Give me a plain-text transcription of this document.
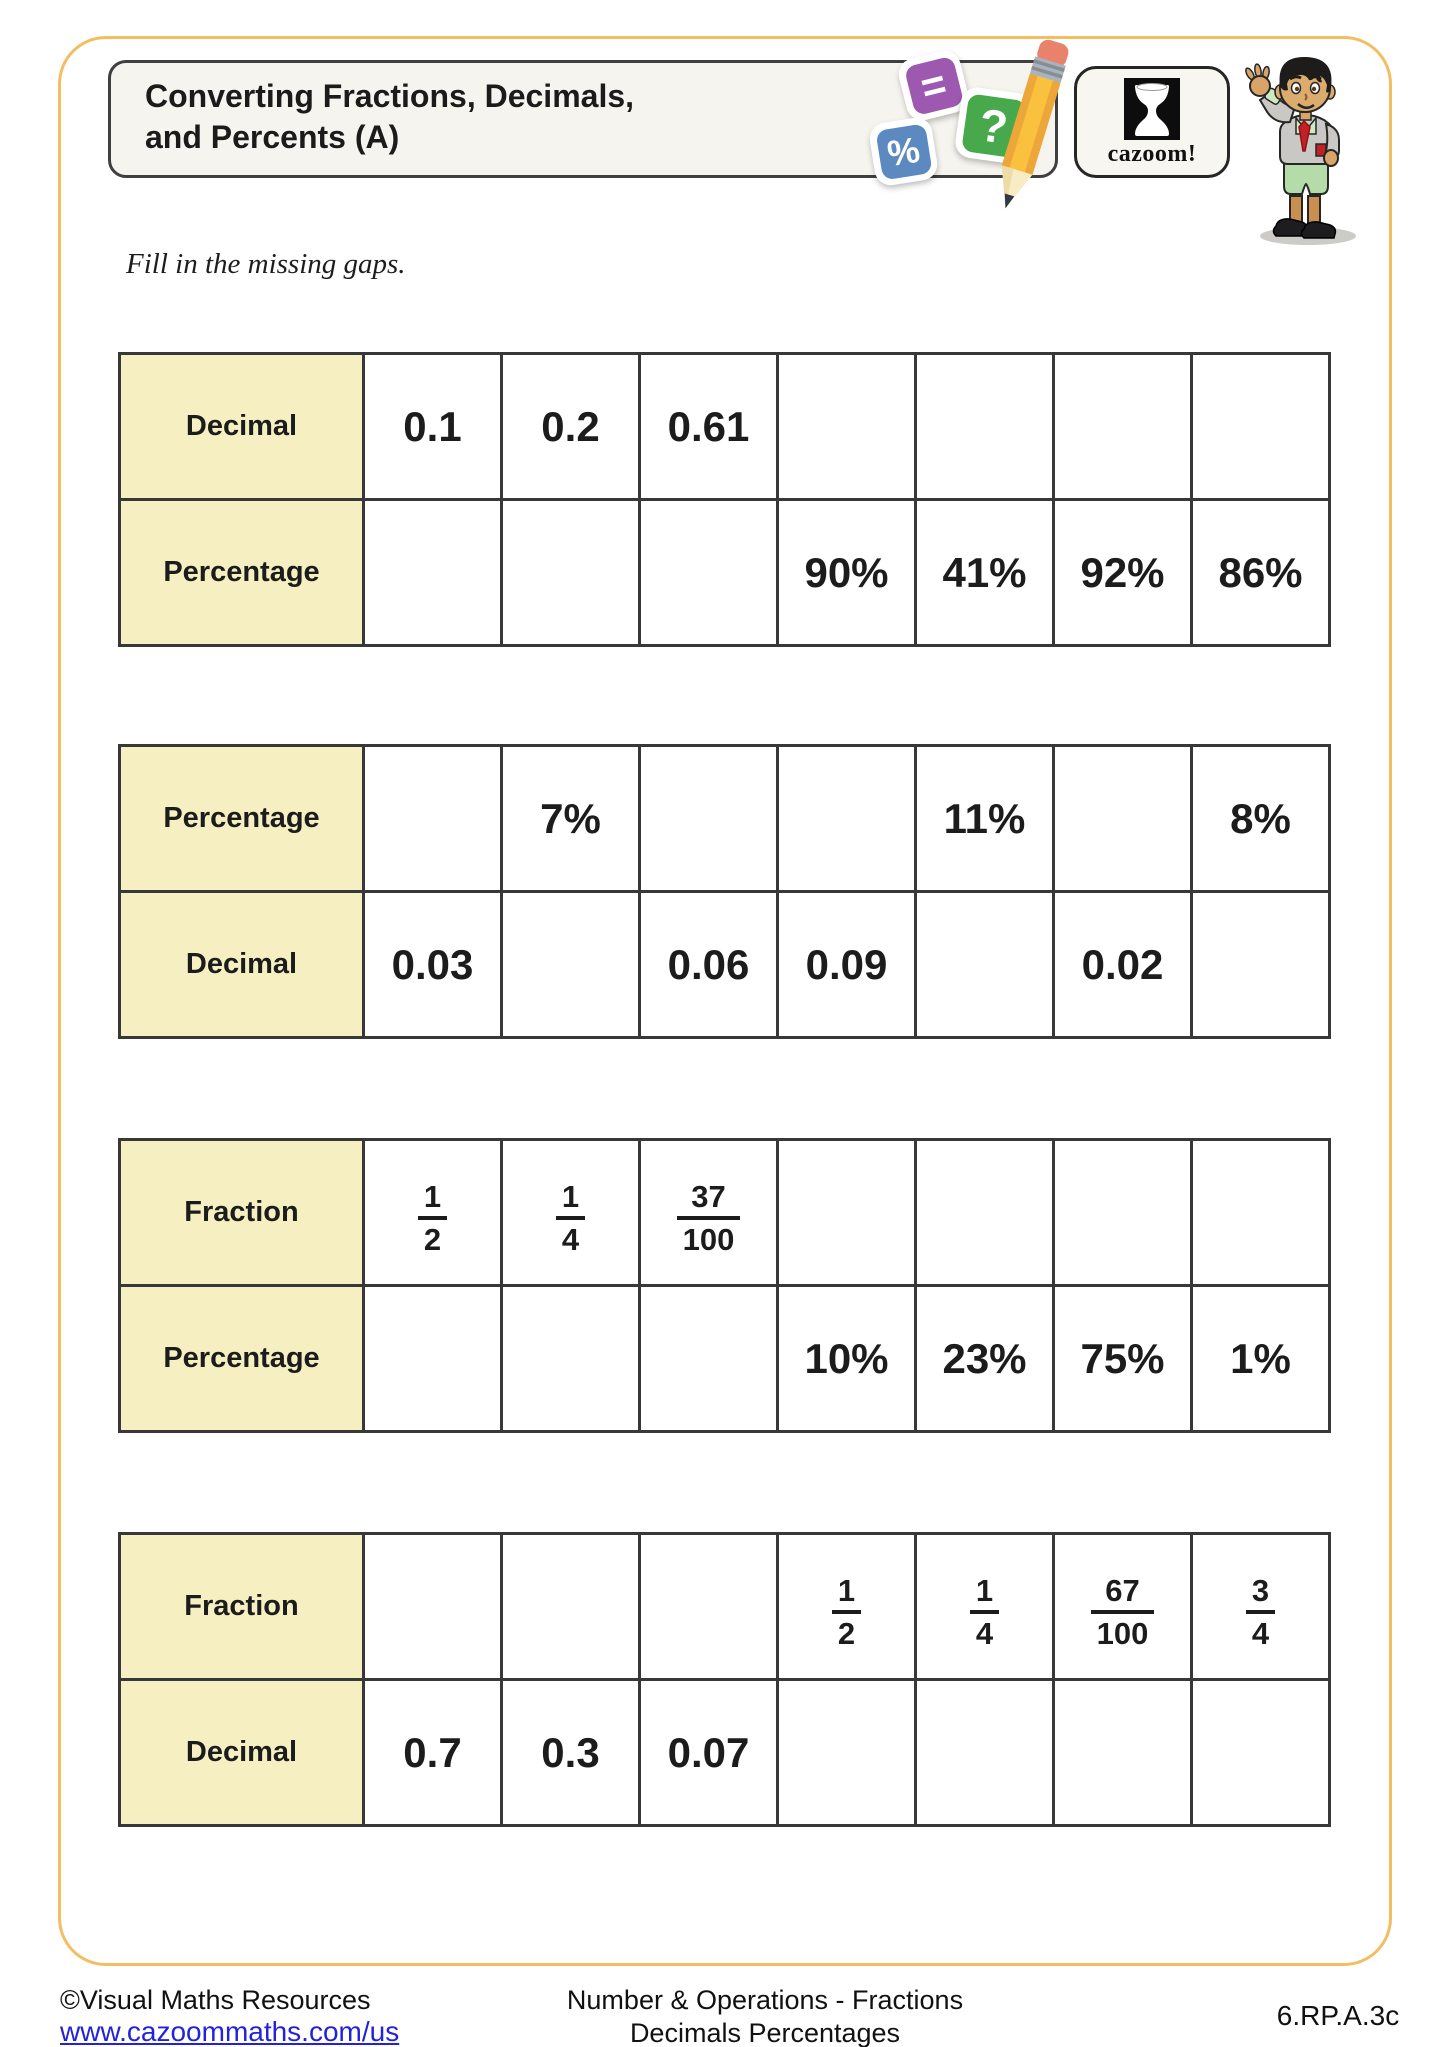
Converting Fractions, Decimals,
and Percents (A)
=
%	?
cazoom!
Fill in the missing gaps.
Decimal	0.1	0.2	0.61				
Percentage				90%	41%	92%	86%
Percentage		7%			11%		8%
Decimal	0.03		0.06	0.09		0.02	
Fraction	$\frac{1}{2}$	$\frac{1}{4}$	$\frac{37}{100}$

Percentage				10%	23%	75%	1%
Fraction				$\frac{1}{2}$	$\frac{1}{4}$	$\frac{67}{100}$	$\frac{3}{4}$

Decimal	0.7	0.3	0.07				
©Visual Maths Resources
www.cazoommaths.com/us
Number & Operations - Fractions
Decimals Percentages
6.RP.A.3c
